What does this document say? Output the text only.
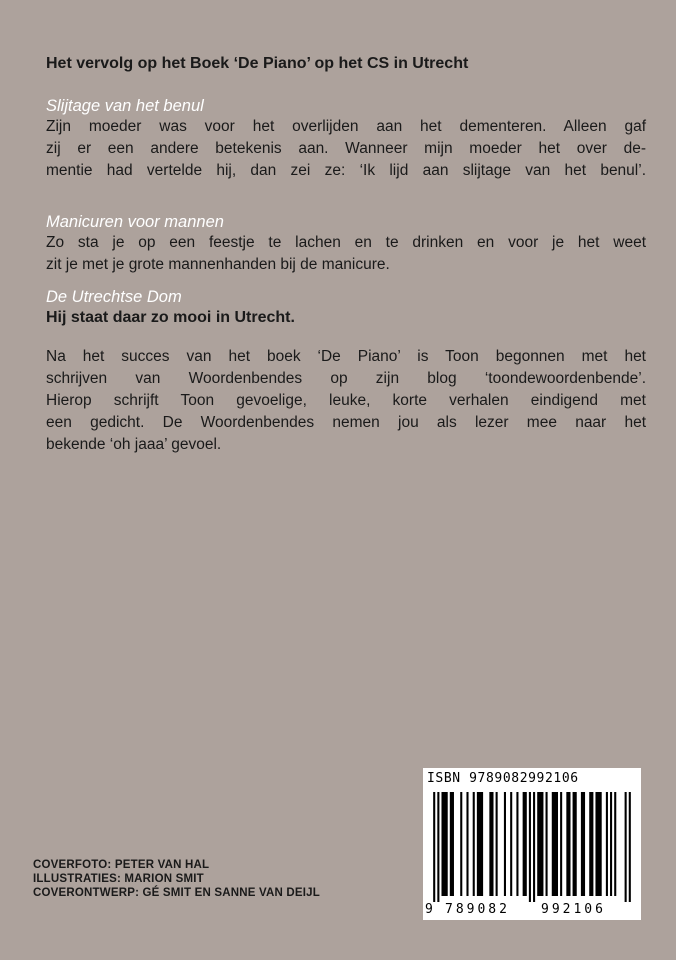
Het vervolg op het Boek ‘De Piano’ op het CS in Utrecht
Slijtage van het benul
Zijn moeder was voor het overlijden aan het dementeren. Alleen gaf
zij er een andere betekenis aan. Wanneer mijn moeder het over de-
mentie had vertelde hij, dan zei ze: ‘Ik lijd aan slijtage van het benul’.
Manicuren voor mannen
Zo sta je op een feestje te lachen en te drinken en voor je het weet
zit je met je grote mannenhanden bij de manicure.
De Utrechtse Dom
Hij staat daar zo mooi in Utrecht.
Na het succes van het boek ‘De Piano’ is Toon begonnen met het
schrijven van Woordenbendes op zijn blog ‘toondewoordenbende’.
Hierop schrijft Toon gevoelige, leuke, korte verhalen eindigend met
een gedicht. De Woordenbendes nemen jou als lezer mee naar het
bekende ‘oh jaaa’ gevoel.
COVERFOTO: PETER VAN HAL
ILLUSTRATIES: MARION SMIT
COVERONTWERP: GÉ SMIT EN SANNE VAN DEIJL
ISBN 9789082992106
9 789082 992106
